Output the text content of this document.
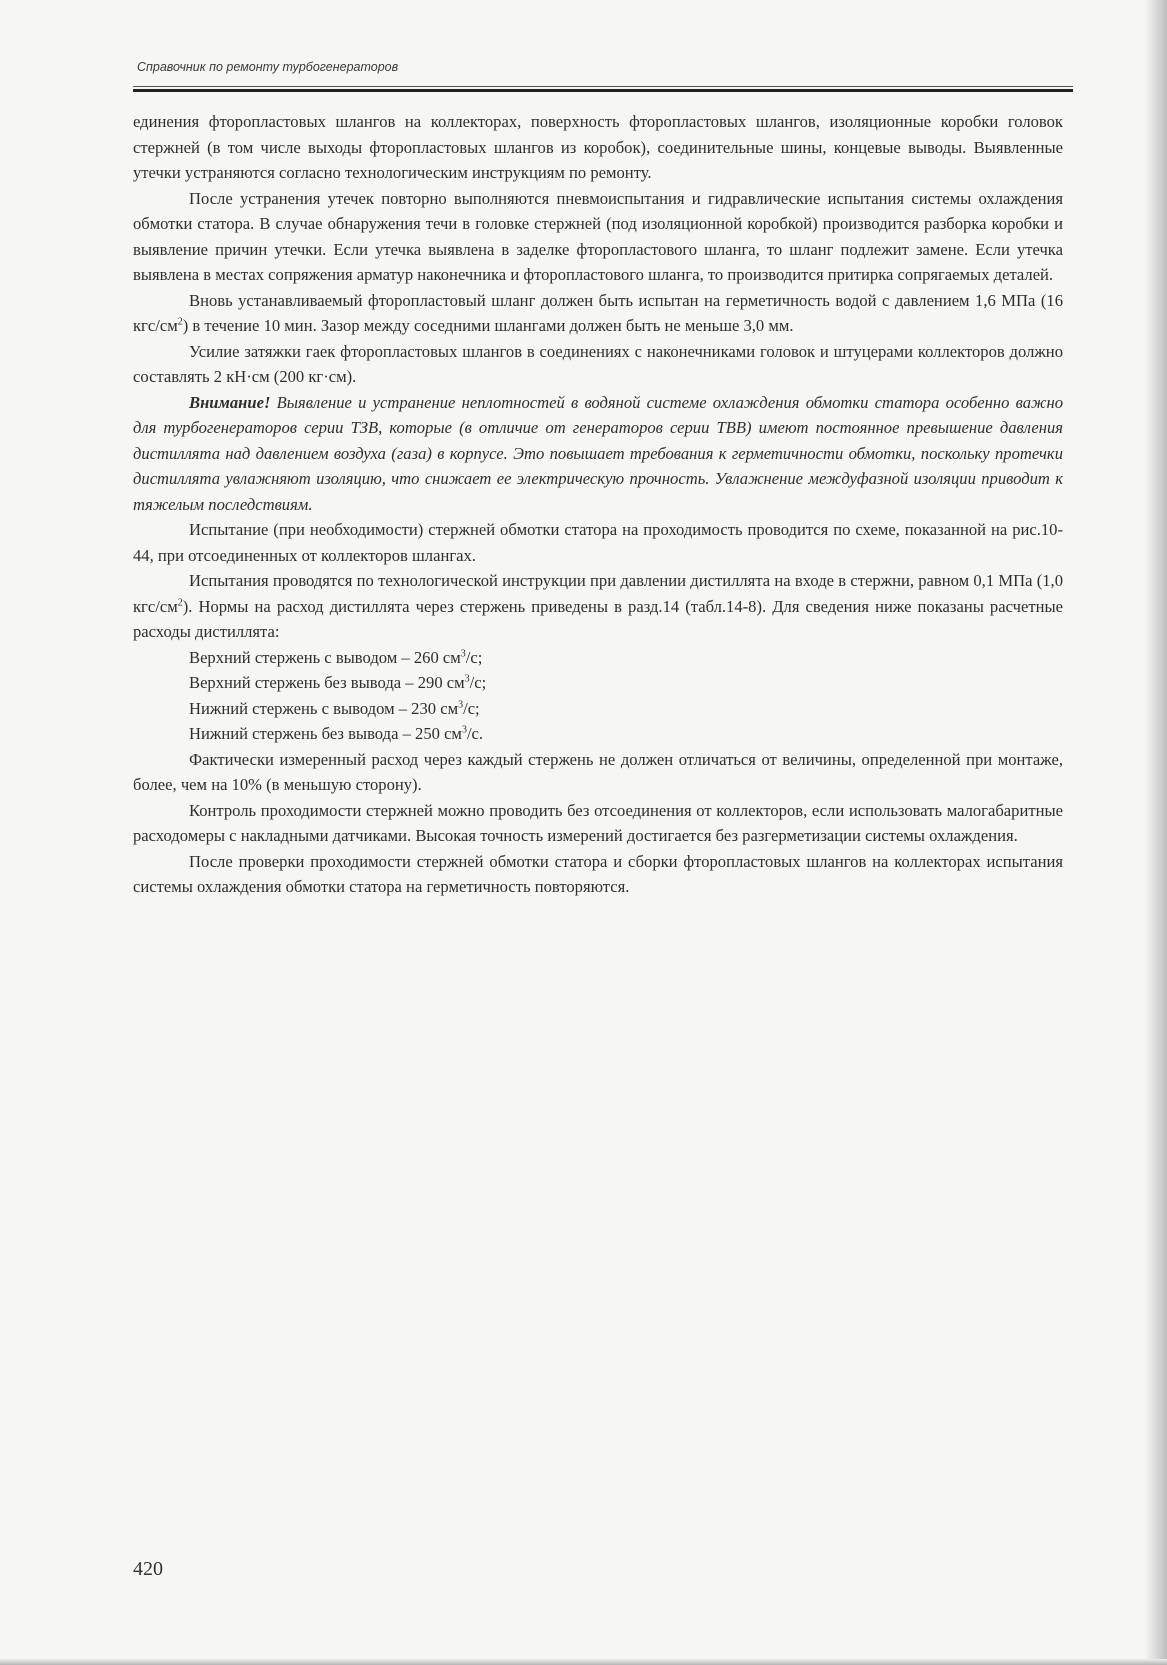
Справочник по ремонту турбогенераторов

единения фторопластовых шлангов на коллекторах, поверхность фторопластовых шлангов, изоляционные коробки головок стержней (в том числе выходы фторопластовых шлангов из коробок), соединительные шины, концевые выводы. Выявленные утечки устраняются согласно технологическим инструкциям по ремонту.

После устранения утечек повторно выполняются пневмоиспытания и гидравлические испытания системы охлаждения обмотки статора. В случае обнаружения течи в головке стержней (под изоляционной коробкой) производится разборка коробки и выявление причин утечки. Если утечка выявлена в заделке фторопластового шланга, то шланг подлежит замене. Если утечка выявлена в местах сопряжения арматур наконечника и фторопластового шланга, то производится притирка сопрягаемых деталей.

Вновь устанавливаемый фторопластовый шланг должен быть испытан на герметичность водой с давлением 1,6 МПа (16 кгс/$см^2$) в течение 10 мин. Зазор между соседними шлангами должен быть не меньше 3,0 мм.

Усилие затяжки гаек фторопластовых шлангов в соединениях с наконечниками головок и штуцерами коллекторов должно составлять 2 кН·см (200 кг·см).

Внимание! Выявление и устранение неплотностей в водяной системе охлаждения обмотки статора особенно важно для турбогенераторов серии ТЗВ, которые (в отличие от генераторов серии ТВВ) имеют постоянное превышение давления дистиллята над давлением воздуха (газа) в корпусе. Это повышает требования к герметичности обмотки, поскольку протечки дистиллята увлажняют изоляцию, что снижает ее электрическую прочность. Увлажнение междуфазной изоляции приводит к тяжелым последствиям.

Испытание (при необходимости) стержней обмотки статора на проходимость проводится по схеме, показанной на рис.10-44, при отсоединенных от коллекторов шлангах.

Испытания проводятся по технологической инструкции при давлении дистиллята на входе в стержни, равном 0,1 МПа (1,0 кгс/$см^2$). Нормы на расход дистиллята через стержень приведены в разд.14 (табл.14-8). Для сведения ниже показаны расчетные расходы дистиллята:

Верхний стержень с выводом – 260 $см^3/с$;

Верхний стержень без вывода – 290 $см^3/с$;

Нижний стержень с выводом – 230 $см^3/с$;

Нижний стержень без вывода – 250 $см^3/с$.

Фактически измеренный расход через каждый стержень не должен отличаться от величины, определенной при монтаже, более, чем на 10% (в меньшую сторону).

Контроль проходимости стержней можно проводить без отсоединения от коллекторов, если использовать малогабаритные расходомеры с накладными датчиками. Высокая точность измерений достигается без разгерметизации системы охлаждения.

После проверки проходимости стержней обмотки статора и сборки фторопластовых шлангов на коллекторах испытания системы охлаждения обмотки статора на герметичность повторяются.

420
